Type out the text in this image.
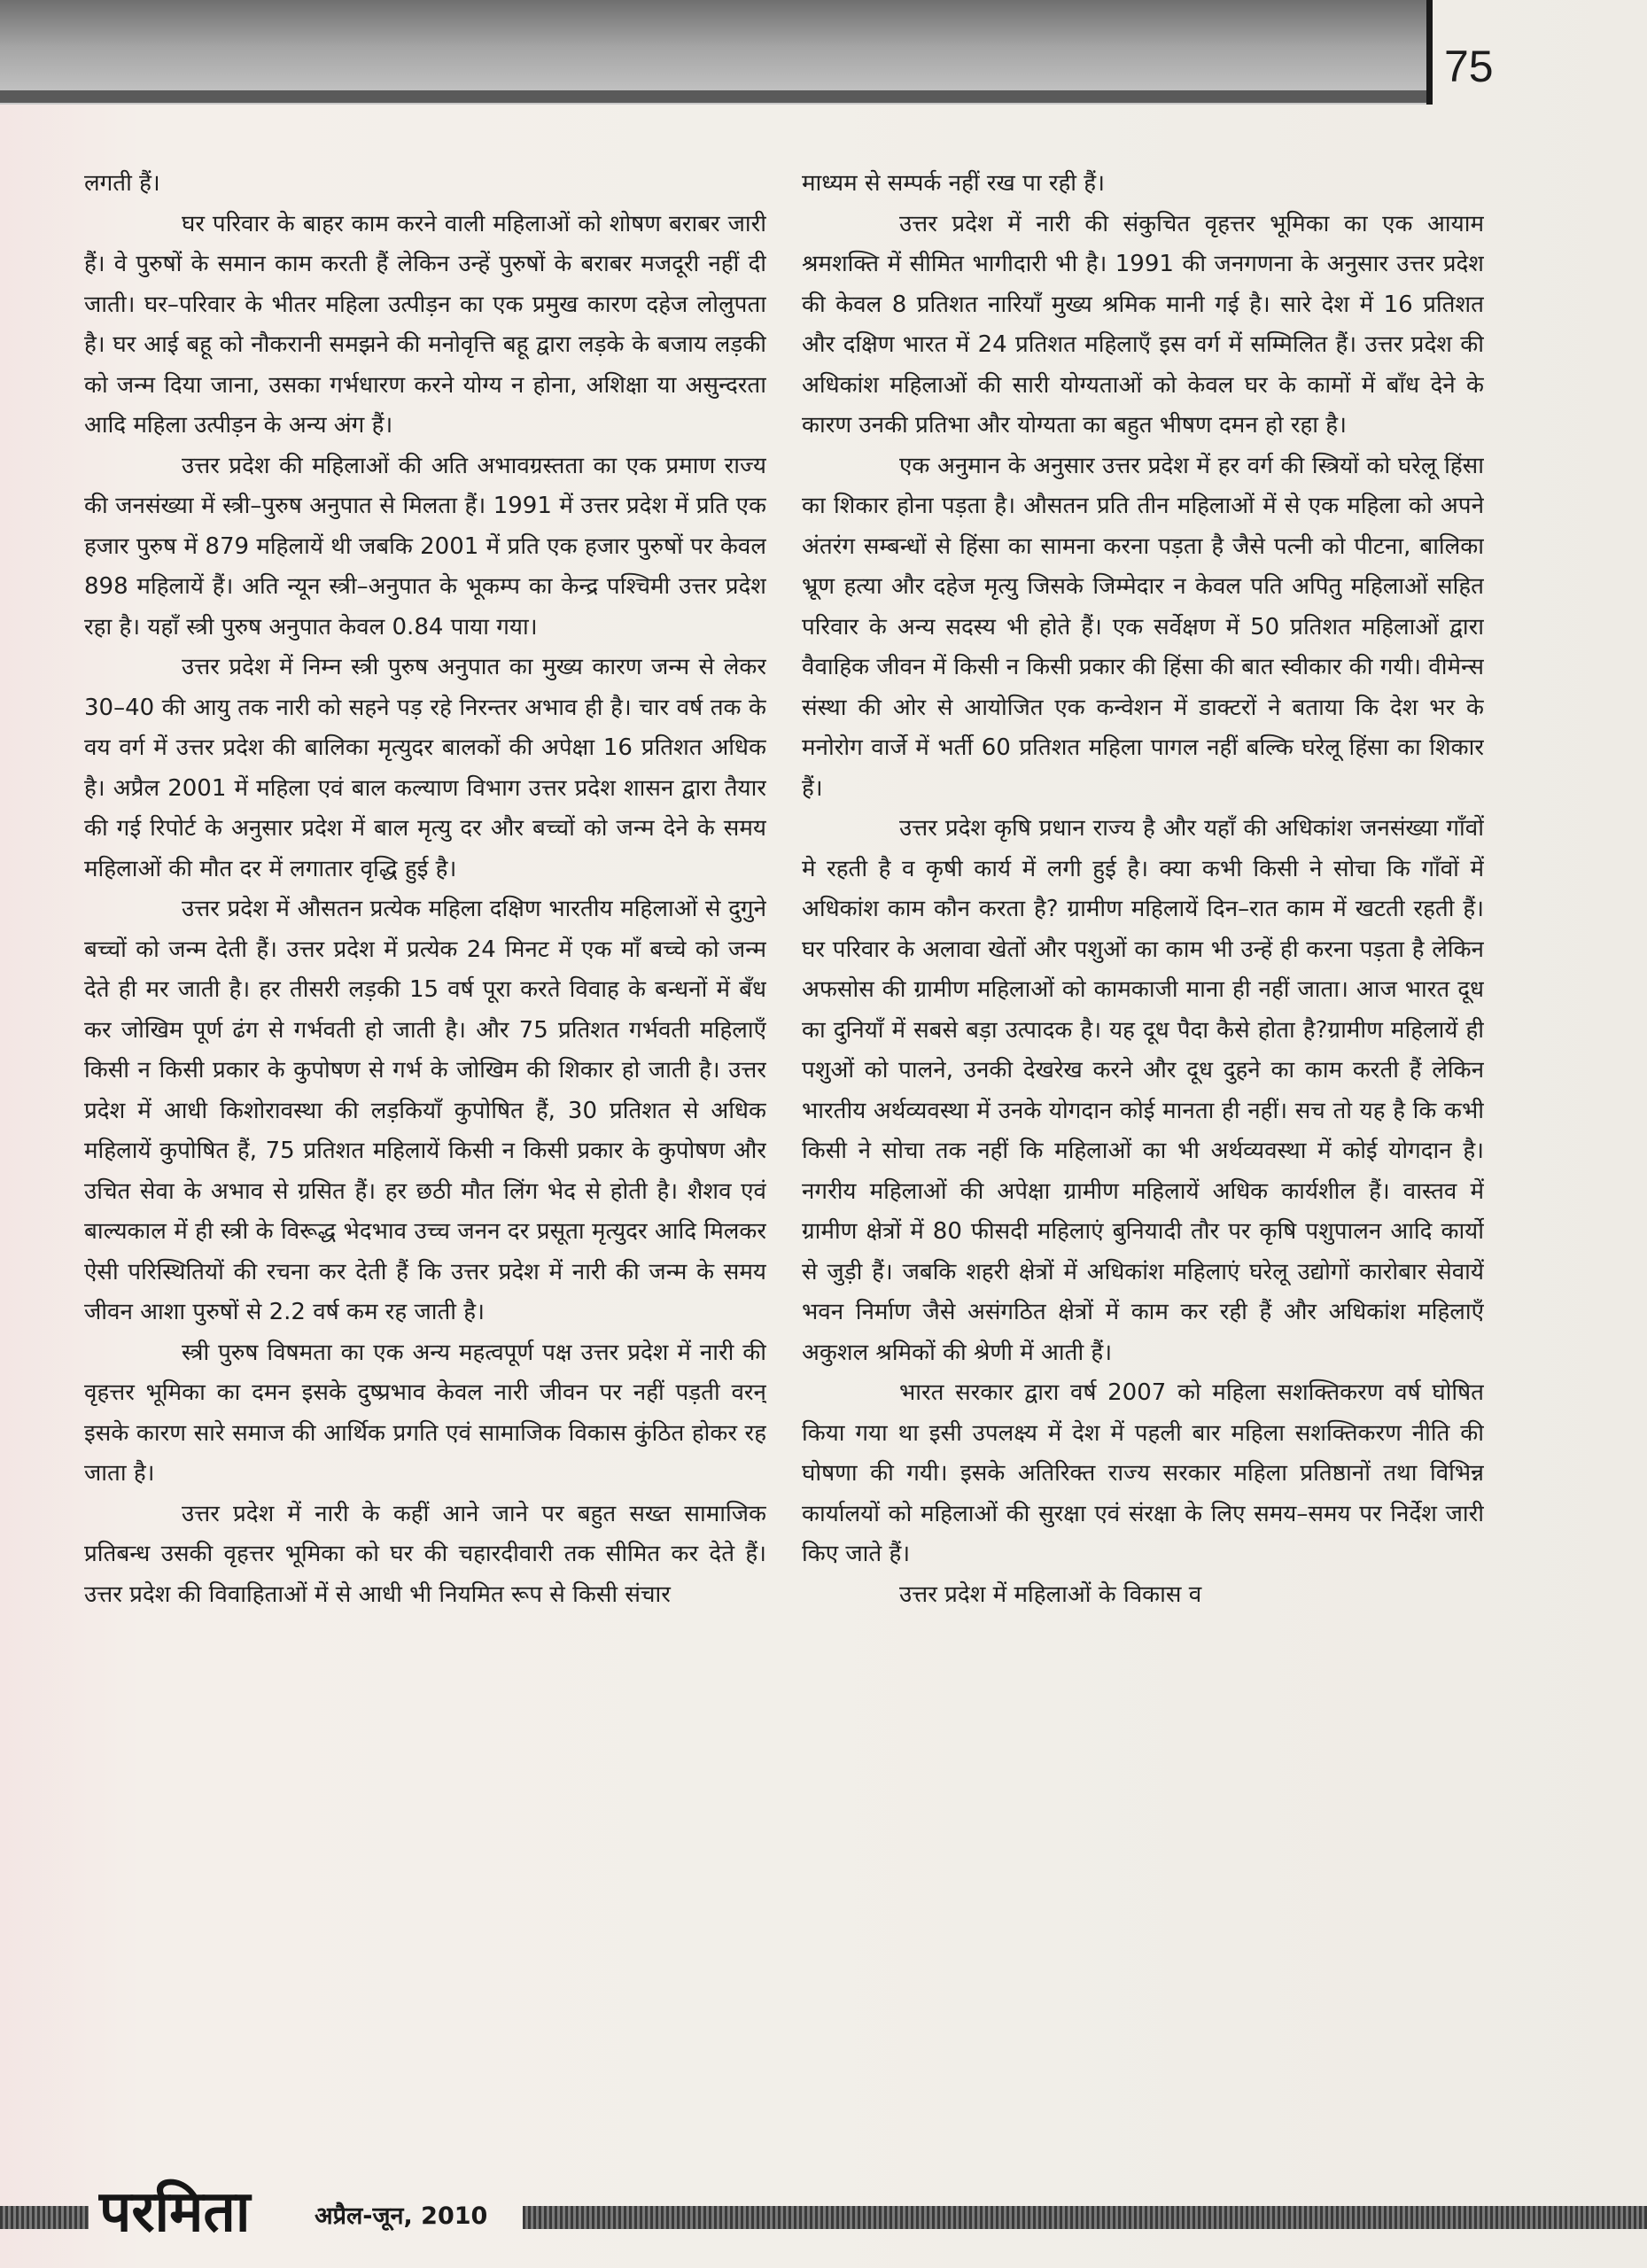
75

लगती हैं।

घर परिवार के बाहर काम करने वाली महिलाओं को शोषण बराबर जारी हैं। वे पुरुषों के समान काम करती हैं लेकिन उन्हें पुरुषों के बराबर मजदूरी नहीं दी जाती। घर–परिवार के भीतर महिला उत्पीड़न का एक प्रमुख कारण दहेज लोलुपता है। घर आई बहू को नौकरानी समझने की मनोवृत्ति बहू द्वारा लड़के के बजाय लड़की को जन्म दिया जाना, उसका गर्भधारण करने योग्य न होना, अशिक्षा या असुन्दरता आदि महिला उत्पीड़न के अन्य अंग हैं।

उत्तर प्रदेश की महिलाओं की अति अभावग्रस्तता का एक प्रमाण राज्य की जनसंख्या में स्त्री–पुरुष अनुपात से मिलता हैं। 1991 में उत्तर प्रदेश में प्रति एक हजार पुरुष में 879 महिलायें थी जबकि 2001 में प्रति एक हजार पुरुषों पर केवल 898 महिलायें हैं। अति न्यून स्त्री–अनुपात के भूकम्प का केन्द्र पश्चिमी उत्तर प्रदेश रहा है। यहाँ स्त्री पुरुष अनुपात केवल 0.84 पाया गया।

उत्तर प्रदेश में निम्न स्त्री पुरुष अनुपात का मुख्य कारण जन्म से लेकर 30–40 की आयु तक नारी को सहने पड़ रहे निरन्तर अभाव ही है। चार वर्ष तक के वय वर्ग में उत्तर प्रदेश की बालिका मृत्युदर बालकों की अपेक्षा 16 प्रतिशत अधिक है। अप्रैल 2001 में महिला एवं बाल कल्याण विभाग उत्तर प्रदेश शासन द्वारा तैयार की गई रिपोर्ट के अनुसार प्रदेश में बाल मृत्यु दर और बच्चों को जन्म देने के समय महिलाओं की मौत दर में लगातार वृद्धि हुई है।

उत्तर प्रदेश में औसतन प्रत्येक महिला दक्षिण भारतीय महिलाओं से दुगुने बच्चों को जन्म देती हैं। उत्तर प्रदेश में प्रत्येक 24 मिनट में एक माँ बच्चे को जन्म देते ही मर जाती है। हर तीसरी लड़की 15 वर्ष पूरा करते विवाह के बन्धनों में बँध कर जोखिम पूर्ण ढंग से गर्भवती हो जाती है। और 75 प्रतिशत गर्भवती महिलाएँ किसी न किसी प्रकार के कुपोषण से गर्भ के जोखिम की शिकार हो जाती है। उत्तर प्रदेश में आधी किशोरावस्था की लड़कियाँ कुपोषित हैं, 30 प्रतिशत से अधिक महिलायें कुपोषित हैं, 75 प्रतिशत महिलायें किसी न किसी प्रकार के कुपोषण और उचित सेवा के अभाव से ग्रसित हैं। हर छठी मौत लिंग भेद से होती है। शैशव एवं बाल्यकाल में ही स्त्री के विरूद्ध भेदभाव उच्च जनन दर प्रसूता मृत्युदर आदि मिलकर ऐसी परिस्थितियों की रचना कर देती हैं कि उत्तर प्रदेश में नारी की जन्म के समय जीवन आशा पुरुषों से 2.2 वर्ष कम रह जाती है।

स्त्री पुरुष विषमता का एक अन्य महत्वपूर्ण पक्ष उत्तर प्रदेश में नारी की वृहत्तर भूमिका का दमन इसके दुष्प्रभाव केवल नारी जीवन पर नहीं पड़ती वरन् इसके कारण सारे समाज की आर्थिक प्रगति एवं सामाजिक विकास कुंठित होकर रह जाता है।

उत्तर प्रदेश में नारी के कहीं आने जाने पर बहुत सख्त सामाजिक प्रतिबन्ध उसकी वृहत्तर भूमिका को घर की चहारदीवारी तक सीमित कर देते हैं। उत्तर प्रदेश की विवाहिताओं में से आधी भी नियमित रूप से किसी संचार

माध्यम से सम्पर्क नहीं रख पा रही हैं।

उत्तर प्रदेश में नारी की संकुचित वृहत्तर भूमिका का एक आयाम श्रमशक्ति में सीमित भागीदारी भी है। 1991 की जनगणना के अनुसार उत्तर प्रदेश की केवल 8 प्रतिशत नारियाँ मुख्य श्रमिक मानी गई है। सारे देश में 16 प्रतिशत और दक्षिण भारत में 24 प्रतिशत महिलाएँ इस वर्ग में सम्मिलित हैं। उत्तर प्रदेश की अधिकांश महिलाओं की सारी योग्यताओं को केवल घर के कामों में बाँध देने के कारण उनकी प्रतिभा और योग्यता का बहुत भीषण दमन हो रहा है।

एक अनुमान के अनुसार उत्तर प्रदेश में हर वर्ग की स्त्रियों को घरेलू हिंसा का शिकार होना पड़ता है। औसतन प्रति तीन महिलाओं में से एक महिला को अपने अंतरंग सम्बन्धों से हिंसा का सामना करना पड़ता है जैसे पत्नी को पीटना, बालिका भ्रूण हत्या और दहेज मृत्यु जिसके जिम्मेदार न केवल पति अपितु महिलाओं सहित परिवार के अन्य सदस्य भी होते हैं। एक सर्वेक्षण में 50 प्रतिशत महिलाओं द्वारा वैवाहिक जीवन में किसी न किसी प्रकार की हिंसा की बात स्वीकार की गयी। वीमेन्स संस्था की ओर से आयोजित एक कन्वेशन में डाक्टरों ने बताया कि देश भर के मनोरोग वार्जे में भर्ती 60 प्रतिशत महिला पागल नहीं बल्कि घरेलू हिंसा का शिकार हैं।

उत्तर प्रदेश कृषि प्रधान राज्य है और यहाँ की अधिकांश जनसंख्या गाँवों मे रहती है व कृषी कार्य में लगी हुई है। क्या कभी किसी ने सोचा कि गाँवों में अधिकांश काम कौन करता है? ग्रामीण महिलायें दिन–रात काम में खटती रहती हैं। घर परिवार के अलावा खेतों और पशुओं का काम भी उन्हें ही करना पड़ता है लेकिन अफसोस की ग्रामीण महिलाओं को कामकाजी माना ही नहीं जाता। आज भारत दूध का दुनियाँ में सबसे बड़ा उत्पादक है। यह दूध पैदा कैसे होता है?ग्रामीण महिलायें ही पशुओं को पालने, उनकी देखरेख करने और दूध दुहने का काम करती हैं लेकिन भारतीय अर्थव्यवस्था में उनके योगदान कोई मानता ही नहीं। सच तो यह है कि कभी किसी ने सोचा तक नहीं कि महिलाओं का भी अर्थव्यवस्था में कोई योगदान है। नगरीय महिलाओं की अपेक्षा ग्रामीण महिलायें अधिक कार्यशील हैं। वास्तव में ग्रामीण क्षेत्रों में 80 फीसदी महिलाएं बुनियादी तौर पर कृषि पशुपालन आदि कार्यो से जुड़ी हैं। जबकि शहरी क्षेत्रों में अधिकांश महिलाएं घरेलू उद्योगों कारोबार सेवायें भवन निर्माण जैसे असंगठित क्षेत्रों में काम कर रही हैं और अधिकांश महिलाएँ अकुशल श्रमिकों की श्रेणी में आती हैं।

भारत सरकार द्वारा वर्ष 2007 को महिला सशक्तिकरण वर्ष घोषित किया गया था इसी उपलक्ष्य में देश में पहली बार महिला सशक्तिकरण नीति की घोषणा की गयी। इसके अतिरिक्त राज्य सरकार महिला प्रतिष्ठानों तथा विभिन्न कार्यालयों को महिलाओं की सुरक्षा एवं संरक्षा के लिए समय–समय पर निर्देश जारी किए जाते हैं।

उत्तर प्रदेश में महिलाओं के विकास व

परमिता	अप्रैल-जून, 2010
